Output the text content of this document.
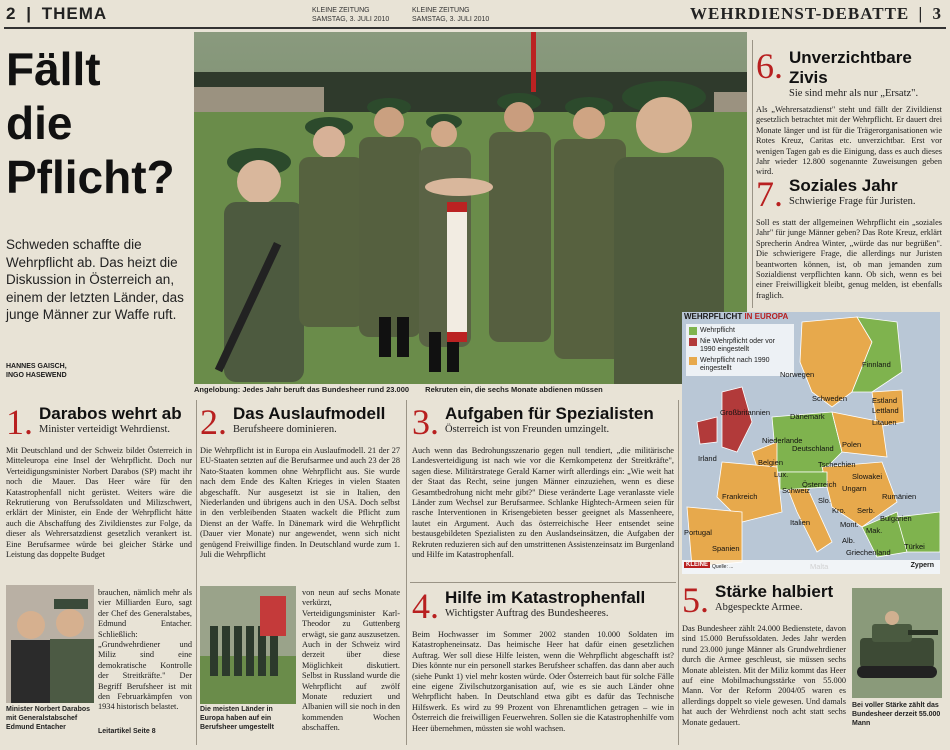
2 | THEMA	KLEINE ZEITUNG
SAMSTAG, 3. JULI 2010
KLEINE ZEITUNG
SAMSTAG, 3. JULI 2010	WEHRDIENST-DEBATTE | 3
Fällt
die
Pflicht?
Schweden schaffte die Wehrpflicht ab. Das heizt die Diskussion in Österreich an, einem der letzten Länder, das junge Männer zur Waffe ruft.
HANNES GAISCH,
INGO HASEWEND
Angelobung: Jedes Jahr beruft das Bundesheer rund 23.000 Rekruten ein, die sechs Monate abdienen müssen
6. Unverzichtbare Zivis
Sie sind mehr als nur „Ersatz".
Als „Wehrersatzdienst" steht und fällt der Zivildienst gesetzlich betrachtet mit der Wehrpflicht. Er dauert drei Monate länger und ist für die Trägerorganisationen wie Rotes Kreuz, Caritas etc. unverzichtbar. Erst vor wenigen Tagen gab es die Einigung, dass es auch dieses Jahr wieder 12.800 sogenannte Zuweisungen geben wird.
7. Soziales Jahr
Schwierige Frage für Juristen.
Soll es statt der allgemeinen Wehrpflicht ein „soziales Jahr" für junge Männer geben? Das Rote Kreuz, erklärt Sprecherin Andrea Winter, „würde das nur begrüßen". Die schwierigere Frage, die allerdings nur Juristen beantworten können, ist, ob man jemanden zum Sozialdienst verpflichten kann. Ob sich, wenn es bei einer Freiwilligkeit bleibt, genug melden, ist ebenfalls fraglich.
Wehrpflicht
Nie Wehrpflicht oder vor 1990 eingestellt
Wehrpflicht nach 1990 eingestellt	Finnland
Norwegen
Schweden	Estland
Lettland
Litauen
Großbritannien	Dänemark
Irland
Niederlande
Belgien
Deutschland Polen
Lux.
Tschechien
Slowakei
Frankreich
Schweiz
Österreich Ungarn
Rumänien
Slo.
Kro. Serb.
Bulgarien
Italien	Mont.
Mak.
Portugal
Spanien
Alb.
Griechenland
Türkei
KLEINE Quelle: ...	Zypern
WEHRPFLICHT IN EUROPA
1. Darabos wehrt ab
Minister verteidigt Wehrdienst.
Mit Deutschland und der Schweiz bildet Österreich in Mitteleuropa eine Insel der Wehrpflicht. Doch nur Verteidigungsminister Norbert Darabos (SP) macht ihr noch die Mauer. Das Heer wäre für den Katastrophenfall nicht gerüstet. Weiters wäre die Rekrutierung von Berufssoldaten und Milizschwert, erklärt der Minister, ein Ende der Wehrpflicht hätte auch die Abschaffung des Zivildienstes zur Folge, da dieser als Wehrersatzdienst gesetzlich verankert ist. Eine Berufsarmee würde bei gleicher Stärke und Leistung das doppelte Budget
Minister Norbert Darabos mit Generalstabschef Edmund Entacher
brauchen, nämlich mehr als vier Milliarden Euro, sagt der Chef des Generalstabes, Edmund Entacher. Schließlich: „Grundwehrdiener und Miliz sind eine demokratische Kontrolle der Streitkräfte." Der Begriff Berufsheer ist mit den Februarkämpfen von 1934 historisch belastet.
Leitartikel Seite 8
2. Das Auslaufmodell
Berufsheere dominieren.
Die Wehrpflicht ist in Europa ein Auslaufmodell. 21 der 27 EU-Staaten setzten auf die Berufsarmee und auch 23 der 28 Nato-Staaten kommen ohne Wehrpflicht aus. Sie wurde nach dem Ende des Kalten Krieges in vielen Staaten abgeschafft. Nur ausgesetzt ist sie in Italien, den Niederlanden und übrigens auch in den USA. Doch selbst in den verbleibenden Staaten wackelt die Pflicht zum Dienst an der Waffe. In Dänemark wird die Wehrpflicht (Dauer vier Monate) nur angewendet, wenn sich nicht genügend Freiwillige finden. In Deutschland wurde zum 1. Juli die Wehrpflicht
Die meisten Länder in Europa haben auf ein Berufsheer umgestellt
von neun auf sechs Monate verkürzt, Verteidigungsminister Karl-Theodor zu Guttenberg erwägt, sie ganz auszusetzen. Auch in der Schweiz wird derzeit über diese Möglichkeit diskutiert. Selbst in Russland wurde die Wehrpflicht auf zwölf Monate reduziert und Albanien will sie noch in den kommenden Wochen abschaffen.
3. Aufgaben für Spezialisten
Österreich ist von Freunden umzingelt.
Auch wenn das Bedrohungsszenario gegen null tendiert, „die militärische Landesverteidigung ist nach wie vor die Kernkompetenz der Streitkräfte", sagen diese. Militärstratege Gerald Karner wirft allerdings ein: „Wie weit hat der Staat das Recht, seine jungen Männer einzuziehen, wenn es diese Gesamtbedrohung nicht mehr gibt?" Diese veränderte Lage veranlasste viele Länder zum Wechsel zur Berufsarmee. Schlanke Hightech-Armeen seien für rasche Interventionen in Krisengebieten besser geeignet als Massenheere, lautet ein Argument. Auch das österreichische Heer entsendet seine bestausgebildeten Spezialisten zu den Auslandseinsätzen, die Aufgaben der Rekruten reduzieren sich auf den umstrittenen Assistenzeinsatz im Burgenland und Hilfe im Katastrophenfall.
4. Hilfe im Katastrophenfall
Wichtigster Auftrag des Bundesheeres.
Beim Hochwasser im Sommer 2002 standen 10.000 Soldaten im Katastropheneinsatz. Das heimische Heer hat dafür einen gesetzlichen Auftrag. Wer soll diese Hilfe leisten, wenn die Wehrpflicht abgeschafft ist? Dies könnte nur ein personell starkes Berufsheer schaffen. das dann aber auch (siehe Punkt 1) viel mehr kosten würde. Oder Österreich baut für solche Fälle eine eigene Zivilschutzorganisation auf, wie es sie auch Länder ohne Wehrpflicht haben. In Deutschland etwa gibt es dafür das Technische Hilfswerk. Es wird zu 99 Prozent von Ehrenamtlichen getragen – wie in Österreich die freiwilligen Feuerwehren. Sollen sie die Katastrophenhilfe vom Heer übernehmen, müssten sie wohl wachsen.
5. Stärke halbiert
Abgespeckte Armee.
Das Bundesheer zählt 24.000 Bedienstete, davon sind 15.000 Berufssoldaten. Jedes Jahr werden rund 23.000 junge Männer als Grundwehrdiener durch die Armee geschleust, sie müssen sechs Monate ableisten. Mit der Miliz kommt das Heer auf eine Mobilmachungsstärke von 55.000 Mann. Vor der Reform 2004/05 waren es allerdings doppelt so viele gewesen. Und damals hat auch der Wehrdienst noch acht statt sechs Monate gedauert.
Bei voller Stärke zählt das Bundesheer derzeit 55.000 Mann
